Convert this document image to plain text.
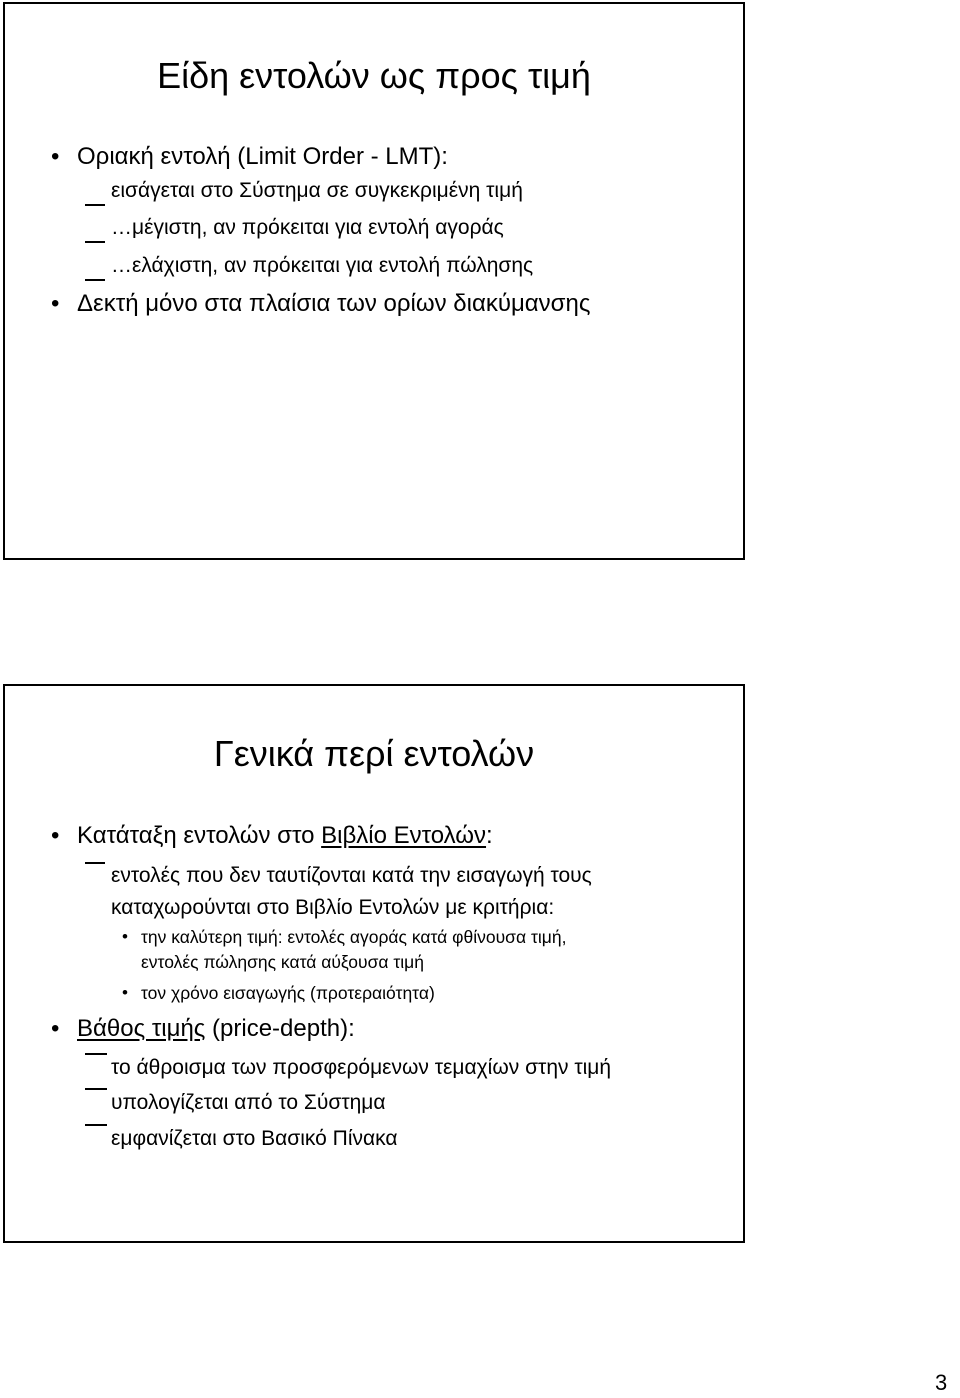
Είδη εντολών ως προς τιμή
• Οριακή εντολή (Limit Order - LMT):
εισάγεται στο Σύστημα σε συγκεκριμένη τιμή
…μέγιστη, αν πρόκειται για εντολή αγοράς
…ελάχιστη, αν πρόκειται για εντολή πώλησης
• Δεκτή μόνο στα πλαίσια των ορίων διακύμανσης
Γενικά περί εντολών
• Κατάταξη εντολών στο Βιβλίο Εντολών:
εντολές που δεν ταυτίζονται κατά την εισαγωγή τους
καταχωρούνται στο Βιβλίο Εντολών με κριτήρια:
• την καλύτερη τιμή: εντολές αγοράς κατά φθίνουσα τιμή,
εντολές πώλησης κατά αύξουσα τιμή
• τον χρόνο εισαγωγής (προτεραιότητα)
• Βάθος τιμής (price-depth):
το άθροισμα των προσφερόμενων τεμαχίων στην τιμή
υπολογίζεται από το Σύστημα
εμφανίζεται στο Βασικό Πίνακα
3
